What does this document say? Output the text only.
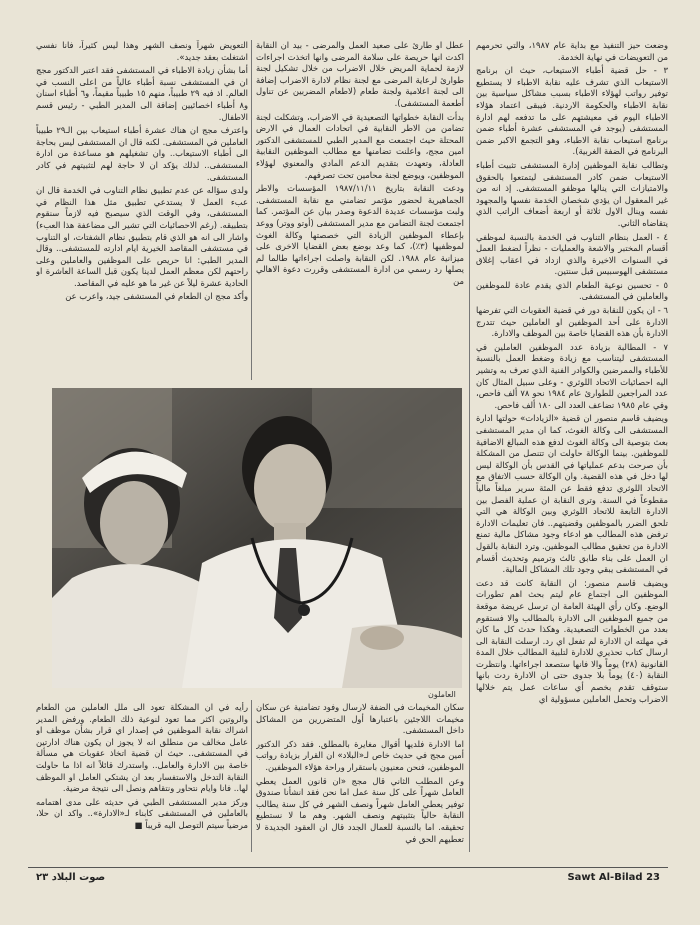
وضعت حيز التنفيذ مع بداية عام ١٩٨٧، والتي تحرمهم من التعويضات في نهاية الخدمة.

٣ - حل قضية أطباء الاستيعاب، حيث ان برنامج الاستيعاب الذي تشرف عليه نقابة الاطباء لا يستطيع توفير رواتب لهؤلاء الاطباء بسبب مشاكل سياسية بين نقابة الاطباء والحكومة الاردنية. فيبقى اعتماد هؤلاء الاطباء اليوم في معيشتهم على ما تدفعه لهم ادارة المستشفى (يوجد في المستشفى عشرة أطباء ضمن برنامج استيعاب نقابة الاطباء، وهو التجمع الاكبر ضمن البرنامج في الضفة الغربية).

وتطالب نقابة الموظفين إدارة المستشفى تثبيت أطباء الاستيعاب ضمن كادر المستشفى ليتمتعوا بالحقوق والامتيازات التي ينالها موظفو المستشفى. إذ انه من غير المعقول ان يؤدي شخصان الخدمة نفسها والمجهود نفسه وينال الاول ثلاثة أو اربعة أضعاف الراتب الذي يتقاضاه الثاني.

٤ - العمل بنظام التناوب في الخدمة بالنسبة لموظفي أقسام المختبر والاشعة والعمليات - نظراً لضغط العمل في السنوات الاخيرة والذي ازداد في اعقاب إغلاق مستشفى الهوسبيس قبل سنتين.

٥ - تحسين نوعية الطعام الذي يقدم عادة للموظفين والعاملين في المستشفى.

٦ - ان يكون للنقابة دور في قضية العقوبات التي تفرضها الادارة على أحد الموظفين او العاملين حيث تتدرج الادارة بأن هذه القضايا خاصة بين الموظف والادارة.

٧ - المطالبة بزيادة عدد الموظفين العاملين في المستشفى ليتناسب مع زيادة وضغط العمل بالنسبة للأطباء والممرضين والكوادر الفنية الذي تعرف به وتشير اليه احصائيات الاتحاد اللوثري - وعلى سبيل المثال كان عدد المراجعين للطوارئ عام ١٩٨٤ نحو ٧٨ ألف فاحص، وفي عام ١٩٨٥ تضاعف العدد الى ١٨٠ ألف فاحص.

ويضيف قاسم منصور ان قضية «الزيادات» حولتها ادارة المستشفى الى وكالة الغوث، كما ان مدير المستشفى بعث بتوصية الى وكالة الغوث لدفع هذه المبالغ الاضافية للموظفين. بينما الوكالة حاولت ان تتنصل من المشكلة بأن صرحت بدعم عملياتها في القدس بأن الوكالة ليس لها دخل في هذه القضية. وان الوكالة حسب الاتفاق مع الاتحاد اللوثري تدفع فقط عن المئة سرير مبلغاً مالياً مقطوعاً في السنة. وترى النقابة ان عملية الفصل بين الادارة التابعة للاتحاد اللوثري وبين الوكالة هي التي تلحق الضرر بالموظفين وقضيتهم.. فان تعليمات الادارة ترفض هذه المطالب هو ادعاء وجود مشاكل مالية تمنع الادارة من تحقيق مطالب الموظفين. وترد النقابة بالقول ان العمل على بناء طابق ثالث وترميم وتحديث أقسام في المستشفى يبقي وجود تلك المشاكل المالية.

ويضيف قاسم منصور: ان النقابة كانت قد دعت الموظفين الى اجتماع عام ليتم بحث اهم تطورات الوضع. وكان رأي الهيئة العامة ان ترسل عريضة موقعة من جميع الموظفين الى الادارة بالمطالب والا فستقوم بعدد من الخطوات التصعيدية. وهكذا حدث كل ما كان في مهلته ان الادارة لم تفعل اي رد. ارسلت النقابة الى ارسال كتاب تحذيري للادارة لتلبية المطالب خلال المدة القانونية (٢٨) يوماً والا فانها ستصعد اجراءاتها. وانتظرت النقابة (٤٠) يوماً بلا جدوى حتى ان الادارة ردت بانها ستوقف تقدم بخصم أي ساعات عمل يتم خلالها الاضراب وتحمل العاملين مسؤولية اي

عطل او طارئ على صعيد العمل والمرضى - بيد ان النقابة اكدت انها حريصة على سلامة المرضى وانها اتخذت اجراءات لازمة لحماية المريض خلال الاضراب من خلال تشكيل لجنة طوارئ لرعاية المرضى مع لجنة نظام لادارة الاضراب إضافة الى لجنة اعلامية ولجنة طعام (لاطعام المضربين عن تناول أطعمة المستشفى).

بدأت النقابة خطواتها التصعيدية في الاضراب، وتشكلت لجنة تضامن من الاطر النقابية في اتحادات العمال في الارض المحتلة حيث اجتمعت مع المدير الطبي للمستشفى الدكتور امين مجج، واعلنت تضامنها مع مطالب الموظفين النقابية العادلة، وتعهدت بتقديم الدعم المادي والمعنوي لهؤلاء الموظفين، ويوضع لجنة محامين تحت تصرفهم.

ودعت النقابة بتاريخ ١٩٨٧/١١/١١ المؤسسات والاطر الجماهيرية لحضور مؤتمر تضامني مع نقابة المستشفى. ولبت مؤسسات عديدة الدعوة وصدر بيان عن المؤتمر. كما اجتمعت لجنة التضامن مع مدير المستشفى (أوتو ووتر) ووعد بإعطاء الموظفين الزيادة التي خصصتها وكالة الغوث لموظفيها (٣٪)، كما وعد بوضع بعض القضايا الاخرى على ميزانية عام ١٩٨٨. لكن النقابة واصلت اجراءاتها طالما لم يصلها رد رسمي من ادارة المستشفى وقررت دعوة الاهالي من

التعويض شهراً ونصف الشهر وهذا ليس كثيراً، فانا نفسي اشتغلت بعقد جديد».

أما بشأن زيادة الاطباء في المستشفى فقد اعتبر الدكتور مجج ان في المستشفى نسبة أطباء عالياً من اعلى النسب في العالم. اذ فيه ٢٩ طبيباً، منهم ١٥ طبيباً مقيماً، و٦ أطباء اسنان و٨ أطباء اخصائيين إضافة الى المدير الطبي - رئيس قسم الاطفال.

واعترف مجج ان هناك عشرة أطباء استيعاب بين الـ٢٩ طبيباً العاملين في المستشفى. لكنه قال ان المستشفى ليس بحاجة الى أطباء الاستيعاب.. وان تشغيلهم هو مساعدة من ادارة المستشفى.. لذلك يؤكد ان لا حاجة لهم لتثبيتهم في كادر المستشفى.

ولدى سؤاله عن عدم تطبيق نظام التناوب في الخدمة قال ان عبء العمل لا يستدعي تطبيق مثل هذا النظام في المستشفى، وفي الوقت الذي سيصبح فيه لازماً سنقوم بتطبيقه. (رغم الاحصائيات التي تشير الى مضاعفة هذا العبء) واشار الى انه هو الذي قام بتطبيق نظام الشفتات، او التناوب في مستشفى المقاصد الخيرية ايام ادارته للمستشفى.. وقال المدير الطبي: انا حريص على الموظفين والعاملين وعلى راحتهم لكن معظم العمل لدينا يكون قبل الساعة العاشرة او الحادية عشرة ليلاً عن غير ما هو عليه في المقاصد.

وأكد مجج ان الطعام في المستشفى جيد، واعرب عن

العاملون

سكان المخيمات في الضفة لارسال وفود تضامنية عن سكان مخيمات اللاجئين باعتبارها أول المتضررين من المشاكل داخل المستشفى.

اما الادارة فلديها أقوال مغايرة بالمطلق. فقد ذكر الدكتور أمين مجج في حديث خاص لـ«البلاد» ان القرار بزيادة رواتب الموظفين، فنحن معنيون باستقرار وراحة هؤلاء الموظفين.

وعن المطلب الثاني قال مجج «ان قانون العمل يعطي العامل شهراً على كل سنة عمل اما نحن فقد انشأنا صندوق توفير يعطي العامل شهراً ونصف الشهر في كل سنة يطالب النقابة حالياً بتثبيتهم ونصف الشهر. وهم ما لا نستطيع تحقيقه. اما بالنسبة للعمال الجدد قال ان العقود الجديدة لا تعطيهم الحق في

رأيه في ان المشكلة تعود الى ملل العاملين من الطعام والروتين اكثر مما تعود لنوعية ذلك الطعام. ورفض المدير اشراك نقابة الموظفين في إصدار اي قرار بشأن موظف او عامل مخالف من منطلق انه لا يجوز ان يكون هناك ادارتين في المستشفى.. حيث ان قضية اتخاذ عقوبات هي مسألة خاصة بين الادارة والعامل.. واستدرك قائلاً انه اذا ما حاولت النقابة التدخل والاستفسار بعد ان يشتكي العامل او الموظف لها.. فانا وايام نتحاور ونتقاهم ونصل الى نتيجة مرضية.

وركز مدير المستشفى الطبي في حديثه على مدى اهتمامه بالعاملين في المستشفى كابناء لـ«الادارة».. واكد ان حلا، مرضياً سيتم التوصل اليه قريباً ■

صوت البلاد ٢٣	Sawt Al-Bilad 23
